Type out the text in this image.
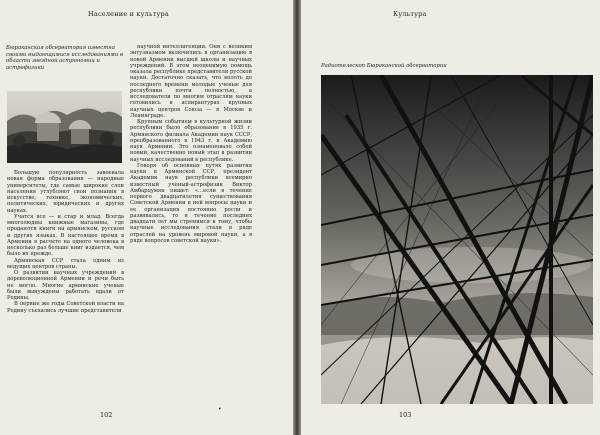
Население и культура
Бюраканская обсерватория известна своими выдающимися исследованиями в области звездной астрономии и астрофизики

Большую популярность завоевала новая форма образования — народные университеты, где самые широкие слои населения углубляют свои познания в искусстве, технике, экономических, политических, юридических и других науках.

Учатся все — и стар и млад. Всегда многолюдны книжные магазины, где продаются книги на армянском, русском и других языках. В настоящее время в Армении в расчете на одного человека в несколько раз больше книг издается, чем было их прежде.

Армянская ССР стала одним из ведущих центров страны.

О развитии научных учреждений в дореволюционной Армении и речи быть не могло. Многие армянские ученые были вынуждены работать вдали от Родины.

В первые же годы Советской власти на Родину съехались лучшие представители

научной интеллигенции. Они с великим энтузиазмом включились в организацию в новой Армении высшей школы и научных учреждений. В этом неоценимую помощь оказала республике представители русской науки. Достаточно сказать, что вплоть до последнего времени молодые ученые для республики почти полностью, а исследователи по многим отраслям науки готовились в аспирантурах крупных научных центров Союза — в Москве и Ленинграде.

Крупным событием в культурной жизни республики было образование в 1935 г. Армянского филиала Академии наук СССР, преобразованного в 1943 г. в Академию наук Армении. Это ознаменовало собой новый, качественно новый этап в развитии научных исследований в республике.

Говоря об основных путях развития науки в Армянской ССР, президент Академии наук республики всемирно известный ученый-астрофизик Виктор Амбарцумян пишет: «…если в течение первого двадцатилетия существования Советской Армении в ней вопросы науки и ее организация постоянно росли и развивались, то в течение последних двадцати лет мы стремимся к тому, чтобы научные исследования стали в ряде отраслей на уровень мировой науки, а в ряде вопросов советской науки».

102
•
Культура
Радиотелескоп Бюраканской обсерватории
103
